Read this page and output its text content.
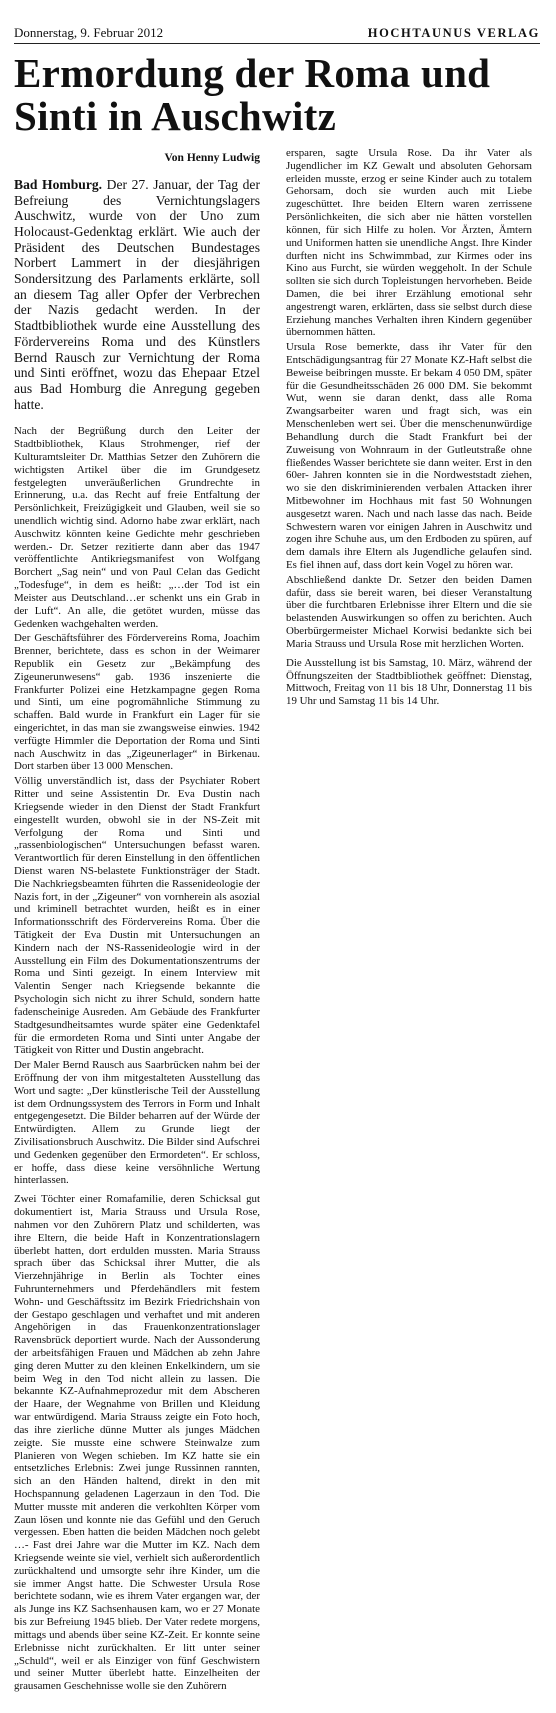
Donnerstag, 9. Februar 2012	HOCHTAUNUS VERLAG
Ermordung der Roma und Sinti in Auschwitz
Von Henny Ludwig

Bad Homburg. Der 27. Januar, der Tag der Befreiung des Vernichtungslagers Auschwitz, wurde von der Uno zum Holocaust-Gedenktag erklärt. Wie auch der Präsident des Deutschen Bundestages Norbert Lammert in der diesjährigen Sondersitzung des Parlaments erklärte, soll an diesem Tag aller Opfer der Verbrechen der Nazis gedacht werden. In der Stadtbibliothek wurde eine Ausstellung des Fördervereins Roma und des Künstlers Bernd Rausch zur Vernichtung der Roma und Sinti eröffnet, wozu das Ehepaar Etzel aus Bad Homburg die Anregung gegeben hatte.

Nach der Begrüßung durch den Leiter der Stadtbibliothek, Klaus Strohmenger, rief der Kulturamtsleiter Dr. Matthias Setzer den Zuhörern die wichtigsten Artikel über die im Grundgesetz festgelegten unveräußerlichen Grundrechte in Erinnerung, u.a. das Recht auf freie Entfaltung der Persönlichkeit, Freizügigkeit und Glauben, weil sie so unendlich wichtig sind. Adorno habe zwar erklärt, nach Auschwitz könnten keine Gedichte mehr geschrieben werden.- Dr. Setzer rezitierte dann aber das 1947 veröffentlichte Antikriegsmanifest von Wolfgang Borchert „Sag nein“ und von Paul Celan das Gedicht „Todesfuge“, in dem es heißt: „…der Tod ist ein Meister aus Deutschland…er schenkt uns ein Grab in der Luft“. An alle, die getötet wurden, müsse das Gedenken wachgehalten werden.

Der Geschäftsführer des Fördervereins Roma, Joachim Brenner, berichtete, dass es schon in der Weimarer Republik ein Gesetz zur „Bekämpfung des Zigeunerunwesens“ gab. 1936 inszenierte die Frankfurter Polizei eine Hetzkampagne gegen Roma und Sinti, um eine pogromähnliche Stimmung zu schaffen. Bald wurde in Frankfurt ein Lager für sie eingerichtet, in das man sie zwangsweise einwies. 1942 verfügte Himmler die Deportation der Roma und Sinti nach Auschwitz in das „Zigeunerlager“ in Birkenau. Dort starben über 13 000 Menschen.

Völlig unverständlich ist, dass der Psychiater Robert Ritter und seine Assistentin Dr. Eva Dustin nach Kriegsende wieder in den Dienst der Stadt Frankfurt eingestellt wurden, obwohl sie in der NS-Zeit mit Verfolgung der Roma und Sinti und „rassenbiologischen“ Untersuchungen befasst waren. Verantwortlich für deren Einstellung in den öffentlichen Dienst waren NS-belastete Funktionsträger der Stadt. Die Nachkriegsbeamten führten die Rassenideologie der Nazis fort, in der „Zigeuner“ von vornherein als asozial und kriminell betrachtet wurden, heißt es in einer Informationsschrift des Fördervereins Roma. Über die Tätigkeit der Eva Dustin mit Untersuchungen an Kindern nach der NS-Rassenideologie wird in der Ausstellung ein Film des Dokumentationszentrums der Roma und Sinti gezeigt. In einem Interview mit Valentin Senger nach Kriegsende bekannte die Psychologin sich nicht zu ihrer Schuld, sondern hatte fadenscheinige Ausreden. Am Gebäude des Frankfurter Stadtgesundheitsamtes wurde später eine Gedenktafel für die ermordeten Roma und Sinti unter Angabe der Tätigkeit von Ritter und Dustin angebracht.

Der Maler Bernd Rausch aus Saarbrücken nahm bei der Eröffnung der von ihm mitgestalteten Ausstellung das Wort und sagte: „Der künstlerische Teil der Ausstellung ist dem Ordnungssystem des Terrors in Form und Inhalt entgegengesetzt. Die Bilder beharren auf der Würde der Entwürdigten. Allem zu Grunde liegt der Zivilisationsbruch Auschwitz. Die Bilder sind Aufschrei und Gedenken gegenüber den Ermordeten“. Er schloss, er hoffe, dass diese keine versöhnliche Wertung hinterlassen.

Zwei Töchter einer Romafamilie, deren Schicksal gut dokumentiert ist, Maria Strauss und Ursula Rose, nahmen vor den Zuhörern Platz und schilderten, was ihre Eltern, die beide Haft in Konzentrationslagern überlebt hatten, dort erdulden mussten. Maria Strauss sprach über das Schicksal ihrer Mutter, die als Vierzehnjährige in Berlin als Tochter eines Fuhrunternehmers und Pferdehändlers mit festem Wohn- und Geschäftssitz im Bezirk Friedrichshain von der Gestapo geschlagen und verhaftet und mit anderen Angehörigen in das Frauenkonzentrationslager Ravensbrück deportiert wurde. Nach der Aussonderung der arbeitsfähigen Frauen und Mädchen ab zehn Jahre ging deren Mutter zu den kleinen Enkelkindern, um sie beim Weg in den Tod nicht allein zu lassen. Die bekannte KZ-Aufnahmeprozedur mit dem Abscheren der Haare, der Wegnahme von Brillen und Kleidung war entwürdigend. Maria Strauss zeigte ein Foto hoch, das ihre zierliche dünne Mutter als junges Mädchen zeigte. Sie musste eine schwere Steinwalze zum Planieren von Wegen schieben. Im KZ hatte sie ein entsetzliches Erlebnis: Zwei junge Russinnen rannten, sich an den Händen haltend, direkt in den mit Hochspannung geladenen Lagerzaun in den Tod. Die Mutter musste mit anderen die verkohlten Körper vom Zaun lösen und konnte nie das Gefühl und den Geruch vergessen. Eben hatten die beiden Mädchen noch gelebt …- Fast drei Jahre war die Mutter im KZ. Nach dem Kriegsende weinte sie viel, verhielt sich außerordentlich zurückhaltend und umsorgte sehr ihre Kinder, um die sie immer Angst hatte. Die Schwester Ursula Rose berichtete sodann, wie es ihrem Vater ergangen war, der als Junge ins KZ Sachsenhausen kam, wo er 27 Monate bis zur Befreiung 1945 blieb. Der Vater redete morgens, mittags und abends über seine KZ-Zeit. Er konnte seine Erlebnisse nicht zurückhalten. Er litt unter seiner „Schuld“, weil er als Einziger von fünf Geschwistern und seiner Mutter überlebt hatte. Einzelheiten der grausamen Geschehnisse wolle sie den Zuhörern

ersparen, sagte Ursula Rose. Da ihr Vater als Jugendlicher im KZ Gewalt und absoluten Gehorsam erleiden musste, erzog er seine Kinder auch zu totalem Gehorsam, doch sie wurden auch mit Liebe zugeschüttet. Ihre beiden Eltern waren zerrissene Persönlichkeiten, die sich aber nie hätten vorstellen können, für sich Hilfe zu holen. Vor Ärzten, Ämtern und Uniformen hatten sie unendliche Angst. Ihre Kinder durften nicht ins Schwimmbad, zur Kirmes oder ins Kino aus Furcht, sie würden weggeholt. In der Schule sollten sie sich durch Topleistungen hervorheben. Beide Damen, die bei ihrer Erzählung emotional sehr angestrengt waren, erklärten, dass sie selbst durch diese Erziehung manches Verhalten ihren Kindern gegenüber übernommen hätten.

Ursula Rose bemerkte, dass ihr Vater für den Entschädigungsantrag für 27 Monate KZ-Haft selbst die Beweise beibringen musste. Er bekam 4 050 DM, später für die Gesundheitsschäden 26 000 DM. Sie bekommt Wut, wenn sie daran denkt, dass alle Roma Zwangsarbeiter waren und fragt sich, was ein Menschenleben wert sei. Über die menschenunwürdige Behandlung durch die Stadt Frankfurt bei der Zuweisung von Wohnraum in der Gutleutstraße ohne fließendes Wasser berichtete sie dann weiter. Erst in den 60er- Jahren konnten sie in die Nordweststadt ziehen, wo sie den diskriminierenden verbalen Attacken ihrer Mitbewohner im Hochhaus mit fast 50 Wohnungen ausgesetzt waren. Nach und nach lasse das nach. Beide Schwestern waren vor einigen Jahren in Auschwitz und zogen ihre Schuhe aus, um den Erdboden zu spüren, auf dem damals ihre Eltern als Jugendliche gelaufen sind. Es fiel ihnen auf, dass dort kein Vogel zu hören war.

Abschließend dankte Dr. Setzer den beiden Damen dafür, dass sie bereit waren, bei dieser Veranstaltung über die furchtbaren Erlebnisse ihrer Eltern und die sie belastenden Auswirkungen so offen zu berichten. Auch Oberbürgermeister Michael Korwisi bedankte sich bei Maria Strauss und Ursula Rose mit herzlichen Worten.

Die Ausstellung ist bis Samstag, 10. März, während der Öffnungszeiten der Stadtbibliothek geöffnet: Dienstag, Mittwoch, Freitag von 11 bis 18 Uhr, Donnerstag 11 bis 19 Uhr und Samstag 11 bis 14 Uhr.
